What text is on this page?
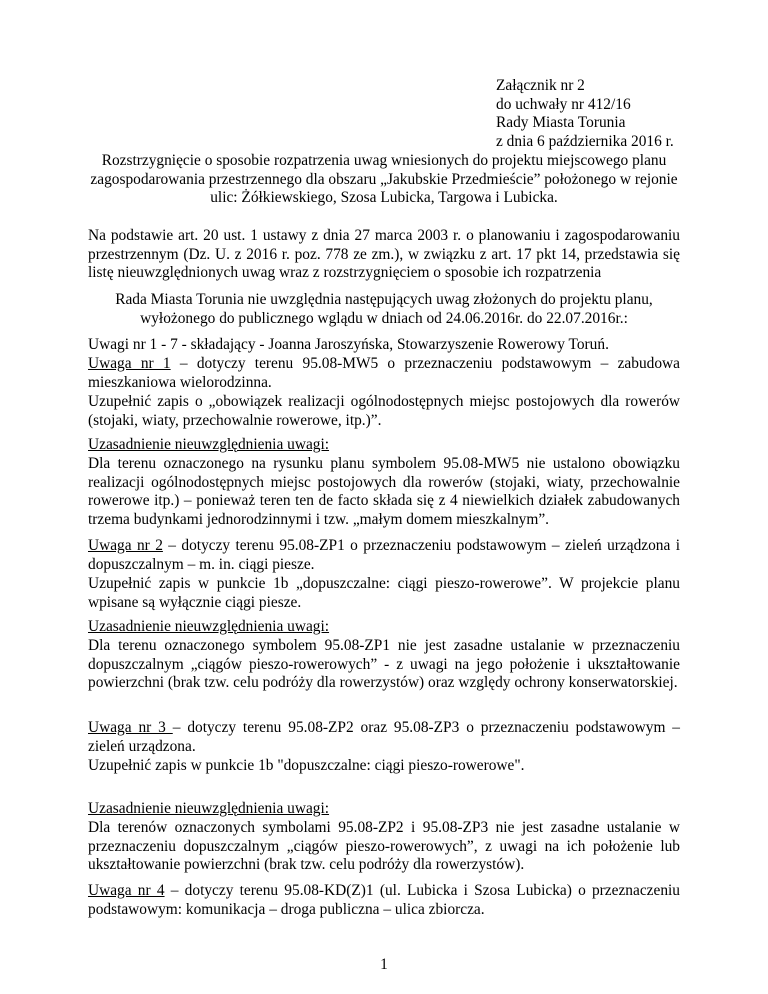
Załącznik nr 2
do uchwały nr 412/16
Rady Miasta Torunia
z dnia 6 października 2016 r.
Rozstrzygnięcie o sposobie rozpatrzenia uwag wniesionych do projektu miejscowego planu zagospodarowania przestrzennego dla obszaru „Jakubskie Przedmieście” położonego w rejonie ulic: Żółkiewskiego, Szosa Lubicka, Targowa i Lubicka.
Na podstawie art. 20 ust. 1 ustawy z dnia 27 marca 2003 r. o planowaniu i zagospodarowaniu przestrzennym (Dz. U. z 2016 r. poz. 778 ze zm.), w związku z art. 17 pkt 14, przedstawia się listę nieuwzględnionych uwag wraz z rozstrzygnięciem o sposobie ich rozpatrzenia
Rada Miasta Torunia nie uwzględnia następujących uwag złożonych do projektu planu, wyłożonego do publicznego wglądu w dniach od 24.06.2016r. do 22.07.2016r.:
Uwagi nr 1 - 7 - składający - Joanna Jaroszyńska, Stowarzyszenie Rowerowy Toruń.
Uwaga nr 1 – dotyczy terenu 95.08-MW5 o przeznaczeniu podstawowym – zabudowa mieszkaniowa wielorodzinna.
Uzupełnić zapis o „obowiązek realizacji ogólnodostępnych miejsc postojowych dla rowerów (stojaki, wiaty, przechowalnie rowerowe, itp.)”.
Uzasadnienie nieuwzględnienia uwagi:
Dla terenu oznaczonego na rysunku planu symbolem 95.08-MW5 nie ustalono obowiązku realizacji ogólnodostępnych miejsc postojowych dla rowerów (stojaki, wiaty, przechowalnie rowerowe itp.) – ponieważ teren ten de facto składa się z 4 niewielkich działek zabudowanych trzema budynkami jednorodzinnymi i tzw. „małym domem mieszkalnym”.
Uwaga nr 2 – dotyczy terenu 95.08-ZP1 o przeznaczeniu podstawowym – zieleń urządzona i dopuszczalnym – m. in. ciągi piesze.
Uzupełnić zapis w punkcie 1b „dopuszczalne: ciągi pieszo-rowerowe”. W projekcie planu wpisane są wyłącznie ciągi piesze.
Uzasadnienie nieuwzględnienia uwagi:
Dla terenu oznaczonego symbolem 95.08-ZP1 nie jest zasadne ustalanie w przeznaczeniu dopuszczalnym „ciągów pieszo-rowerowych” - z uwagi na jego położenie i ukształtowanie powierzchni (brak tzw. celu podróży dla rowerzystów) oraz względy ochrony konserwatorskiej.
Uwaga nr 3 – dotyczy terenu 95.08-ZP2 oraz 95.08-ZP3 o przeznaczeniu podstawowym – zieleń urządzona.
Uzupełnić zapis w punkcie 1b "dopuszczalne: ciągi pieszo-rowerowe".
Uzasadnienie nieuwzględnienia uwagi:
Dla terenów oznaczonych symbolami 95.08-ZP2 i 95.08-ZP3 nie jest zasadne ustalanie w przeznaczeniu dopuszczalnym „ciągów pieszo-rowerowych”, z uwagi na ich położenie lub ukształtowanie powierzchni (brak tzw. celu podróży dla rowerzystów).
Uwaga nr 4 – dotyczy terenu 95.08-KD(Z)1 (ul. Lubicka i Szosa Lubicka) o przeznaczeniu podstawowym: komunikacja – droga publiczna – ulica zbiorcza.
1
